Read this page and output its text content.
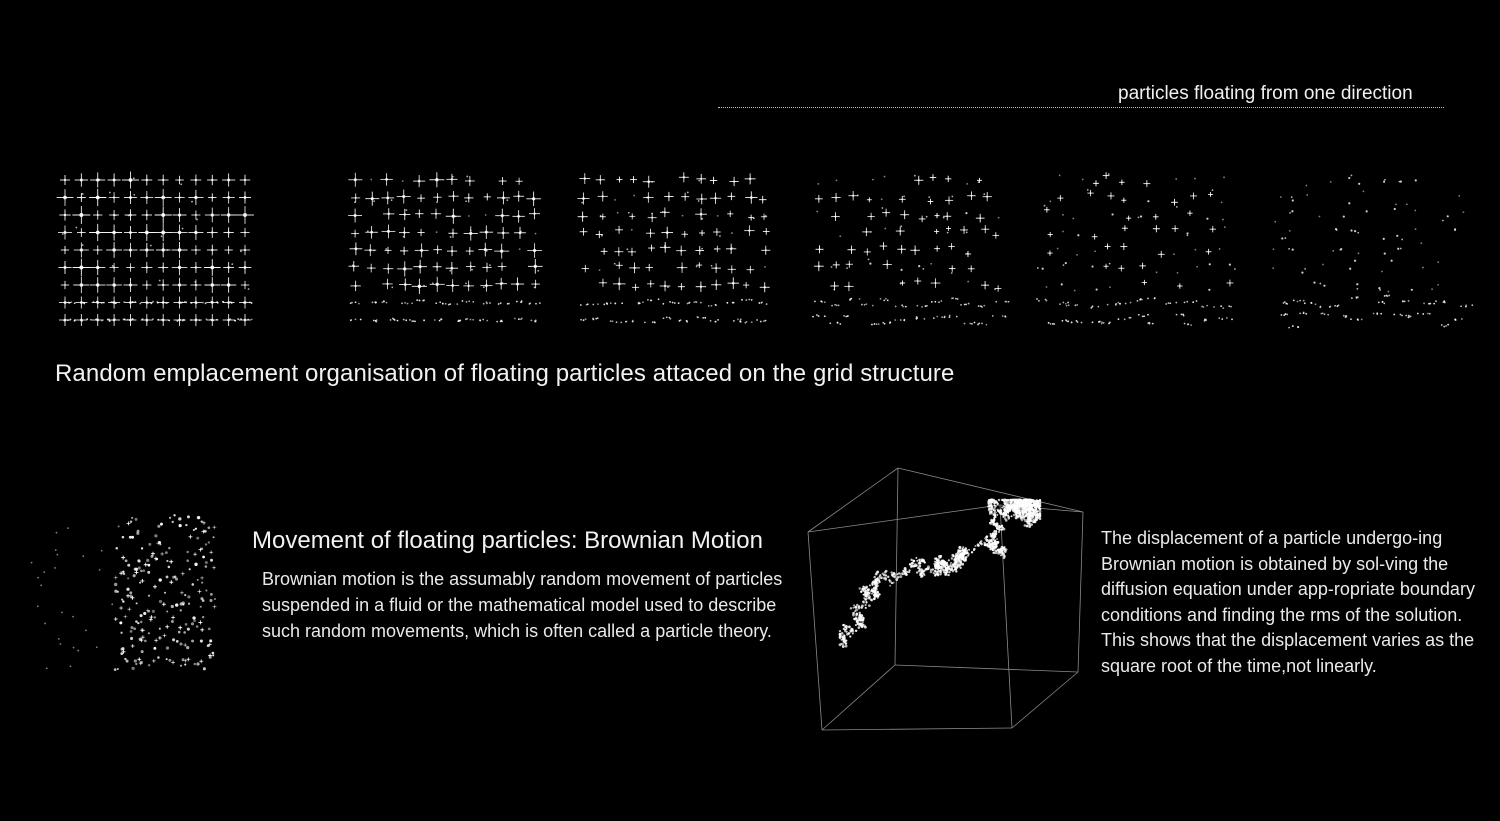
particles floating from one direction
Random emplacement organisation of floating particles attaced on the grid structure
Movement of floating particles: Brownian Motion
Brownian motion is the assumably random movement of particles suspended in a fluid or the mathematical model used to describe such random movements, which is often called a particle theory.
The displacement of a particle undergo-ing Brownian motion is obtained by sol-ving the diffusion equation under app-ropriate boundary conditions and finding the rms of the solution. This shows that the displacement varies as the square root of the time,not linearly.
